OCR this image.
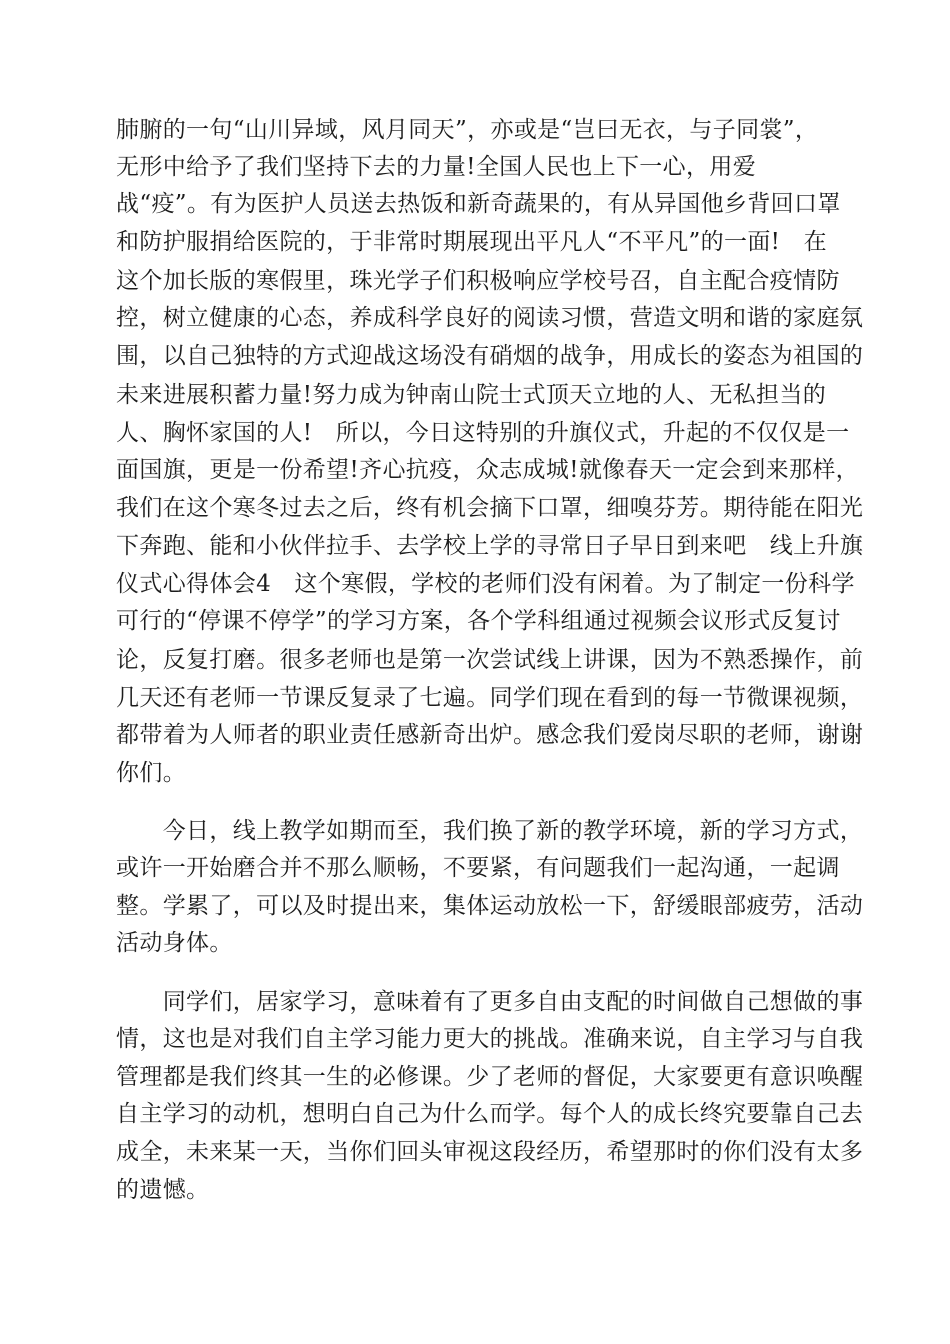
肺腑的一句“山川异域，风月同天”，亦或是“岂曰无衣，与子同裳”，

无形中给予了我们坚持下去的力量!全国人民也上下一心，用爱

战“疫”。有为医护人员送去热饭和新奇蔬果的，有从异国他乡背回口罩

和防护服捐给医院的，于非常时期展现出平凡人“不平凡”的一面!　在

这个加长版的寒假里，珠光学子们积极响应学校号召，自主配合疫情防

控，树立健康的心态，养成科学良好的阅读习惯，营造文明和谐的家庭氛

围，以自己独特的方式迎战这场没有硝烟的战争，用成长的姿态为祖国的

未来进展积蓄力量!努力成为钟南山院士式顶天立地的人、无私担当的

人、胸怀家国的人!　所以，今日这特别的升旗仪式，升起的不仅仅是一

面国旗，更是一份希望!齐心抗疫，众志成城!就像春天一定会到来那样，

我们在这个寒冬过去之后，终有机会摘下口罩，细嗅芬芳。期待能在阳光

下奔跑、能和小伙伴拉手、去学校上学的寻常日子早日到来吧　线上升旗

仪式心得体会4　这个寒假，学校的老师们没有闲着。为了制定一份科学

可行的“停课不停学”的学习方案，各个学科组通过视频会议形式反复讨

论，反复打磨。很多老师也是第一次尝试线上讲课，因为不熟悉操作，前

几天还有老师一节课反复录了七遍。同学们现在看到的每一节微课视频，

都带着为人师者的职业责任感新奇出炉。感念我们爱岗尽职的老师，谢谢

你们。

　　今日，线上教学如期而至，我们换了新的教学环境，新的学习方式，

或许一开始磨合并不那么顺畅，不要紧，有问题我们一起沟通，一起调

整。学累了，可以及时提出来，集体运动放松一下，舒缓眼部疲劳，活动

活动身体。

　　同学们，居家学习，意味着有了更多自由支配的时间做自己想做的事

情，这也是对我们自主学习能力更大的挑战。准确来说，自主学习与自我

管理都是我们终其一生的必修课。少了老师的督促，大家要更有意识唤醒

自主学习的动机，想明白自己为什么而学。每个人的成长终究要靠自己去

成全，未来某一天，当你们回头审视这段经历，希望那时的你们没有太多

的遗憾。
